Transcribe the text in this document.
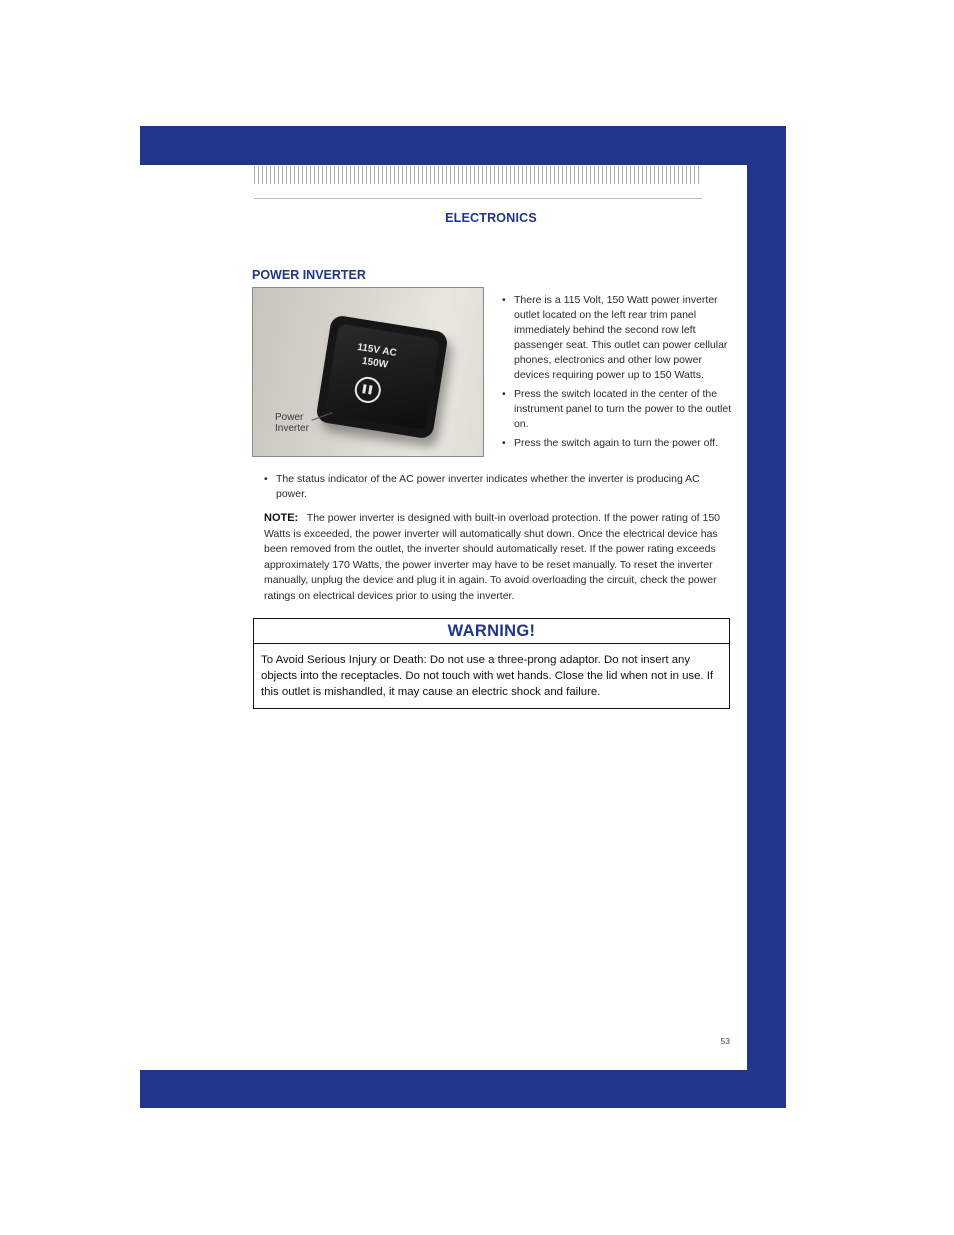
ELECTRONICS
POWER INVERTER
115V AC
150W
Power
Inverter
• There is a 115 Volt, 150 Watt power inverter outlet located on the left rear trim panel immediately behind the second row left passenger seat. This outlet can power cellular phones, electronics and other low power devices requiring power up to 150 Watts.
• Press the switch located in the center of the instrument panel to turn the power to the outlet on.
• Press the switch again to turn the power off.
• The status indicator of the AC power inverter indicates whether the inverter is producing AC power.
NOTE: The power inverter is designed with built-in overload protection. If the power rating of 150 Watts is exceeded, the power inverter will automatically shut down. Once the electrical device has been removed from the outlet, the inverter should automatically reset. If the power rating exceeds approximately 170 Watts, the power inverter may have to be reset manually. To reset the inverter manually, unplug the device and plug it in again. To avoid overloading the circuit, check the power ratings on electrical devices prior to using the inverter.
WARNING!
To Avoid Serious Injury or Death: Do not use a three-prong adaptor. Do not insert any objects into the receptacles. Do not touch with wet hands. Close the lid when not in use. If this outlet is mishandled, it may cause an electric shock and failure.
53
